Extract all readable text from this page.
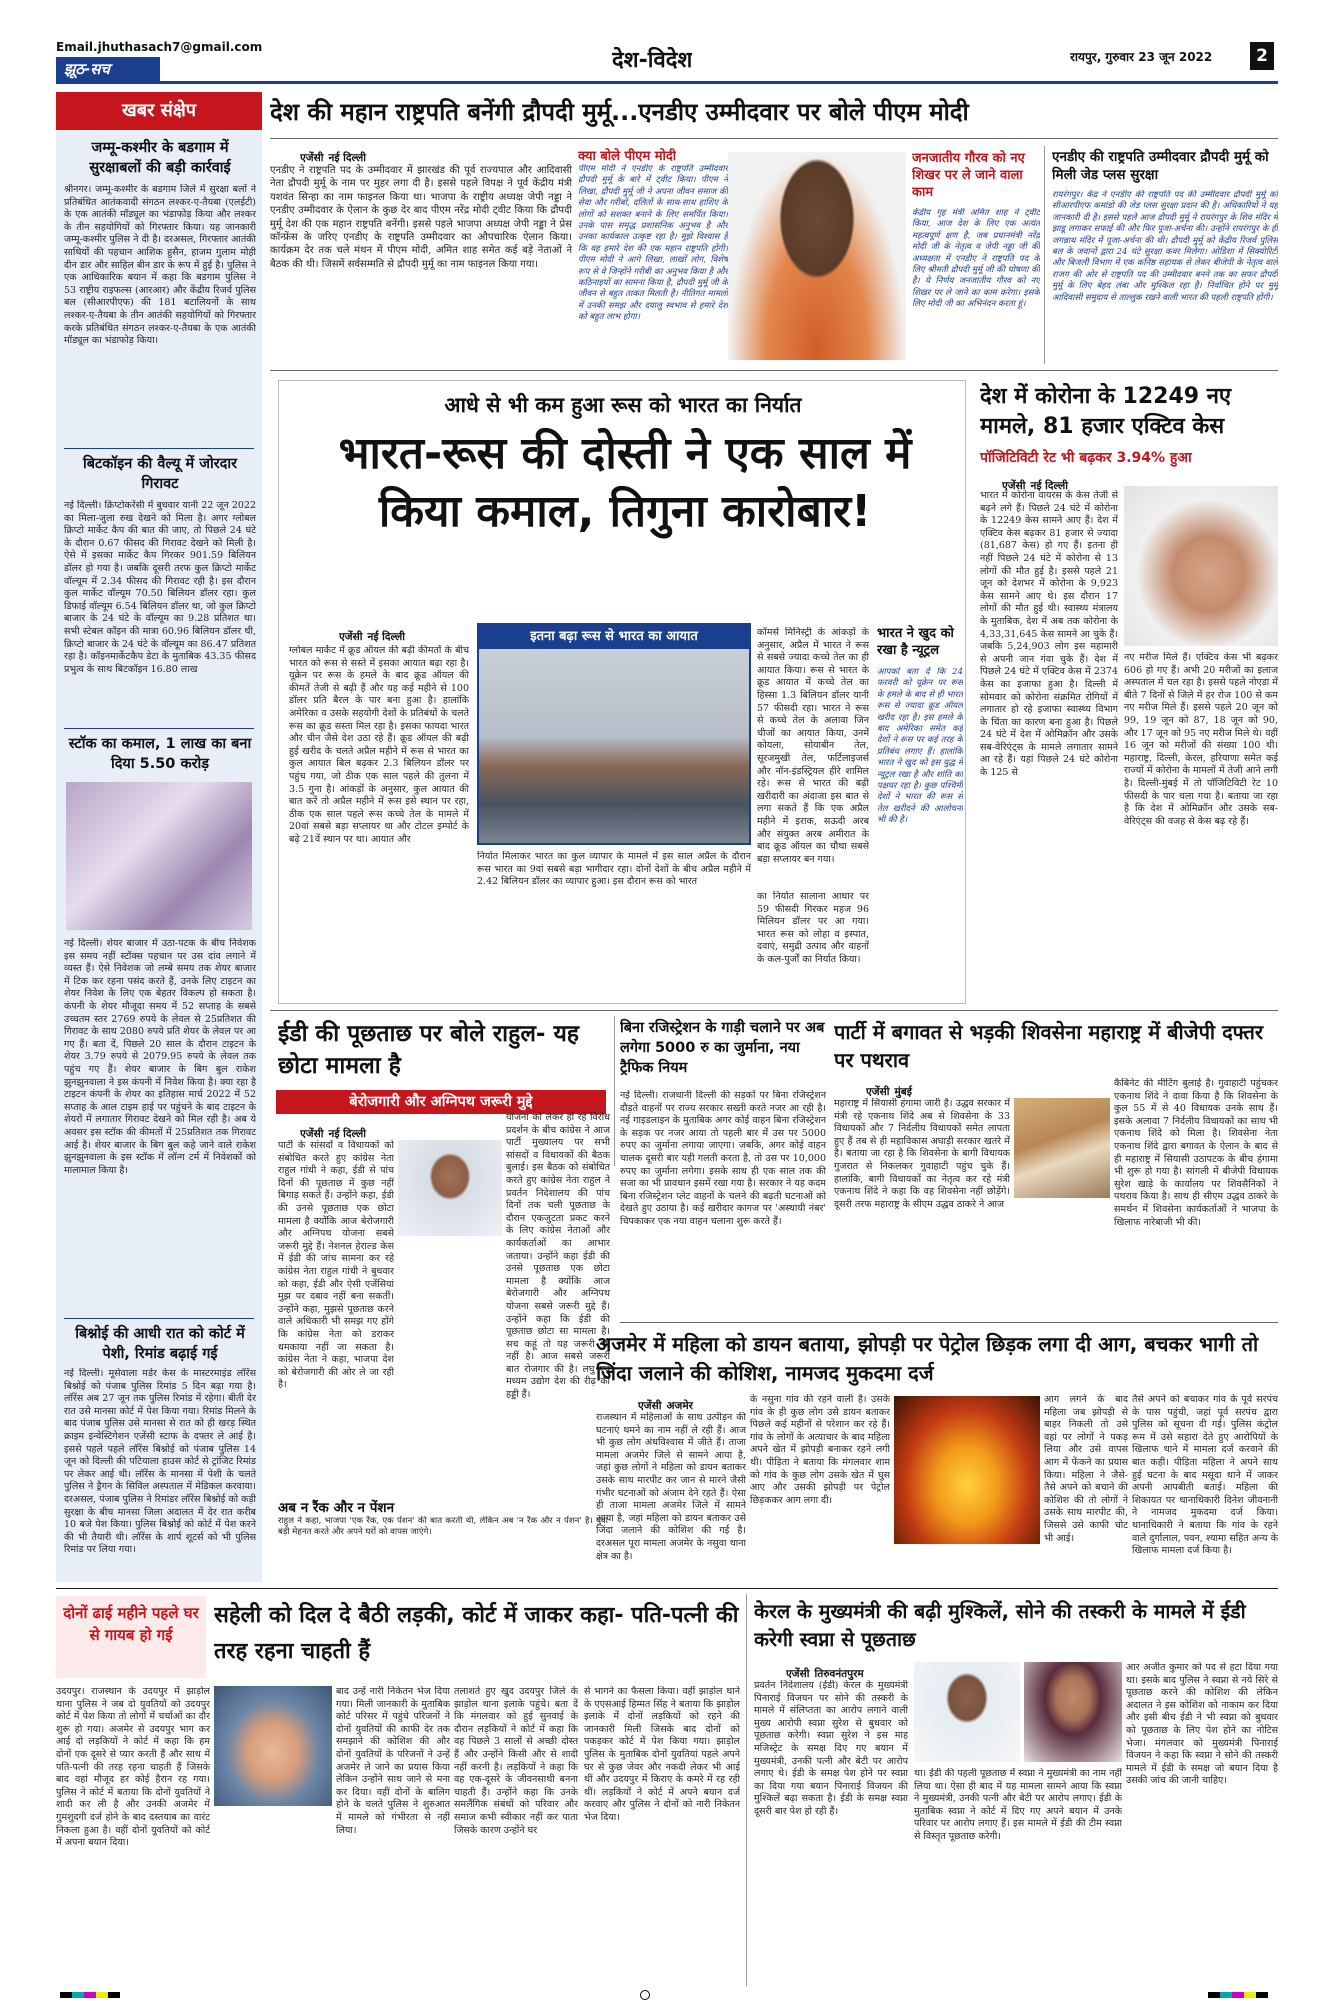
Email.jhuthasach7@gmail.com
झूठ-सच	देश-विदेश	रायपुर, गुरुवार 23 जून 2022	2
खबर संक्षेप
जम्मू-कश्मीर के बडगाम में सुरक्षाबलों की बड़ी कार्रवाई
श्रीनगर। जम्मू-कश्मीर के बडगाम जिले में सुरक्षा बलों ने प्रतिबंधित आतंकवादी संगठन लश्कर-ए-तैयबा (एलईटी) के एक आतंकी मॉड्यूल का भंडाफोड़ किया और लश्कर के तीन सहयोगियों को गिरफ्तार किया। यह जानकारी जम्मू-कश्मीर पुलिस ने दी है। दरअसल, गिरफ्तार आतंकी साथियों की पहचान आशिक हुसैन, हाजम गुलाम मोही दीन डार और साहिल बीन डार के रूप में हुई है। पुलिस ने एक आधिकारिक बयान में कहा कि बडगाम पुलिस ने 53 राष्ट्रीय राइफल्स (आरआर) और केंद्रीय रिजर्व पुलिस बल (सीआरपीएफ) की 181 बटालियनों के साथ लश्कर-ए-तैयबा के तीन आतंकी सहयोगियों को गिरफ्तार करके प्रतिबंधित संगठन लश्कर-ए-तैयबा के एक आतंकी मॉड्यूल का भंडाफोड़ किया।
बिटकॉइन की वैल्यू में जोरदार गिरावट
नई दिल्ली। क्रिप्टोकरेंसी में बुधवार यानी 22 जून 2022 का मिला-जुला रुख देखने को मिला है। अगर ग्लोबल क्रिप्टो मार्केट कैप की बात की जाए, तो पिछले 24 घंटे के दौरान 0.67 फीसद की गिरावट देखने को मिली है। ऐसे में इसका मार्केट कैप गिरकर 901.59 बिलियन डॉलर हो गया है। जबकि दूसरी तरफ कुल क्रिप्टो मार्केट वॉल्यूम में 2.34 फीसद की गिरावट रही है। इस दौरान कुल मार्केट वॉल्यूम 70.50 बिलियन डॉलर रहा। कुल डिफाई वॉल्यूम 6.54 बिलियन डॉलर था, जो कुल क्रिप्टो बाजार के 24 घंटे के वॉल्यूम का 9.28 प्रतिशत था। सभी स्टेबल कॉइन की मात्रा 60.96 बिलियन डॉलर थी, क्रिप्टो बाजार के 24 घंटे के वॉल्यूम का 86.47 प्रतिशत रहा है। कॉइनमार्केटकैप डेटा के मुताबिक 43.35 फीसद प्रभुत्व के साथ बिटकॉइन 16.80 लाख
स्टॉक का कमाल, 1 लाख का बना दिया 5.50 करोड़
नई दिल्ली। शेयर बाजार में उठा-पटक के बीच निवेशक इस समय नहीं स्टॉक्स पहचान पर उस दांव लगाने में व्यस्त हैं। ऐसे निवेशक जो लम्बे समय तक शेयर बाजार में टिक कर रहना पसंद करते हैं, उनके लिए टाइटन का शेयर निवेश के लिए एक बेहतर विकल्प हो सकता है। कंपनी के शेयर मौजूदा समय में 52 सप्ताह के सबसे उच्चतम स्तर 2769 रुपये के लेवल से 25प्रतिशत की गिरावट के साथ 2080 रुपये प्रति शेयर के लेवल पर आ गए हैं। बता दें, पिछले 20 साल के दौरान टाइटन के शेयर 3.79 रुपये से 2079.95 रुपये के लेवल तक पहुंच गए हैं। शेयर बाजार के बिग बुल राकेश झुनझुनवाला ने इस कंपनी में निवेश किया है। क्या रहा है टाइटन कंपनी के शेयर का इतिहास मार्च 2022 में 52 सप्ताह के आल टाइम हाई पर पहुंचने के बाद टाइटन के शेयरों में लगातार गिरावट देखने को मिल रही है। अब ये अवसर इस स्टॉक की कीमतों में 25प्रतिशत तक गिरावट आई है। शेयर बाजार के बिग बुल कहे जाने वाले राकेश झुनझुनवाला के इस स्टॉक में लॉन्ग टर्म में निवेशकों को मालामाल किया है।
बिश्नोई की आधी रात को कोर्ट में पेशी, रिमांड बढ़ाई गई
नई दिल्ली। मूसेवाला मर्डर केस के मास्टरमाइंड लॉरेंस बिश्नोई को पंजाब पुलिस रिमांड 5 दिन बढ़ा गया है। लॉरेंस अब 27 जून तक पुलिस रिमांड में रहेगा। बीती देर रात उसे मानसा कोर्ट में पेश किया गया। रिमांड मिलने के बाद पंजाब पुलिस उसे मानसा से रात को ही खरड़ स्थित क्राइम इन्वेस्टिगेशन एजेंसी स्टाफ के दफ्तर ले आई है। इससे पहले पहले लॉरेंस बिश्नोई को पंजाब पुलिस 14 जून को दिल्ली की पटियाला हाउस कोर्ट से ट्रांजिट रिमांड पर लेकर आई थी। लॉरेंस के मानसा में पेशी के चलते पुलिस ने ड्रैगन के सिविल अस्पताल में मेडिकल करवाया। दरअसल, पंजाब पुलिस ने रिमांडर लॉरेंस बिश्नोई को कड़ी सुरक्षा के बीच मानसा जिला अदालत में देर रात करीब 10 बजे पेश किया। पुलिस बिश्नोई को कोर्ट में पेश करने की भी तैयारी थी। लॉरेंस के शार्प शूटर्स को भी पुलिस रिमांड पर लिया गया।
देश की महान राष्ट्रपति बनेंगी द्रौपदी मुर्मू...एनडीए उम्मीदवार पर बोले पीएम मोदी
एजेंसी नई दिल्ली
एनडीए ने राष्ट्रपति पद के उम्मीदवार में झारखंड की पूर्व राज्यपाल और आदिवासी नेता द्रौपदी मुर्मू के नाम पर मुहर लगा दी है। इससे पहले विपक्ष ने पूर्व केंद्रीय मंत्री यशवंत सिन्हा का नाम फाइनल किया था। भाजपा के राष्ट्रीय अध्यक्ष जेपी नड्डा ने एनडीए उम्मीदवार के ऐलान के कुछ देर बाद पीएम नरेंद्र मोदी ट्वीट किया कि द्रौपदी मुर्मू देश की एक महान राष्ट्रपति बनेंगी। इससे पहले भाजपा अध्यक्ष जेपी नड्डा ने प्रेस कॉन्फ्रेंस के जरिए एनडीए के राष्ट्रपति उम्मीदवार का औपचारिक ऐलान किया। कार्यक्रम देर तक चले मंथन में पीएम मोदी, अमित शाह समेत कई बड़े नेताओं ने बैठक की थी। जिसमें सर्वसम्मति से द्रौपदी मुर्मू का नाम फाइनल किया गया।
क्या बोले पीएम मोदी
पीएम मोदी ने एनडीए के राष्ट्रपति उम्मीदवार द्रौपदी मुर्मू के बारे में ट्वीट किया। पीएम ने लिखा, द्रौपदी मुर्मू जी ने अपना जीवन समाज की सेवा और गरीबों, दलितों के साथ-साथ हाशिए के लोगों को सशक्त बनाने के लिए समर्पित किया। उनके पास समृद्ध प्रशासनिक अनुभव है और उनका कार्यकाल उत्कृष्ट रहा है। मुझे विश्वास है कि वह हमारे देश की एक महान राष्ट्रपति होंगी। पीएम मोदी ने आगे लिखा, लाखों लोग, विशेष रूप से वे जिन्होंने गरीबी का अनुभव किया है और कठिनाइयों का सामना किया है, द्रौपदी मुर्मू जी के जीवन से बहुत ताकत मिलती है। नीतिगत मामलों में उनकी समझ और दयालु स्वभाव से हमारे देश को बहुत लाभ होगा।
जनजातीय गौरव को नए शिखर पर ले जाने वाला काम
केंद्रीय गृह मंत्री अमित शाह ने ट्वीट किया, आज देश के लिए एक अत्यंत महत्वपूर्ण क्षण है, जब प्रधानमंत्री नरेंद्र मोदी जी के नेतृत्व व जेपी नड्डा जी की अध्यक्षता में एनडीए ने राष्ट्रपति पद के लिए श्रीमती द्रौपदी मुर्मू जी की घोषणा की है। ये निर्णय जनजातीय गौरव को नए शिखर पर ले जाने का काम करेगा। इसके लिए मोदी जी का अभिनंदन करता हूं।
एनडीए की राष्ट्रपति उम्मीदवार द्रौपदी मुर्मू को मिली जेड प्लस सुरक्षा
रायरंगपुर। केंद्र ने एनडीए की राष्ट्रपति पद की उम्मीदवार द्रौपदी मुर्मू को सीआरपीएफ कमांडो की जेड प्लस सुरक्षा प्रदान की है। अधिकारियों ने यह जानकारी दी है। इससे पहले आज द्रौपदी मुर्मू ने रायरंगपुर के शिव मंदिर में झाडू लगाकर सफाई की और फिर पूजा-अर्चना की। उन्होंने रायरंगपुर के ही जगन्नाथ मंदिर में पूजा-अर्चना की थी। द्रौपदी मुर्मू को केंद्रीय रिजर्व पुलिस बल के जवानों द्वारा 24 घंटे सुरक्षा कवर मिलेगा। ओडिशा में सिक्योरिटी और बिजली विभाग में एक कनिष्ठ सहायक से लेकर बीजेपी के नेतृत्व वाले राजग की ओर से राष्ट्रपति पद की उम्मीदवार बनने तक का सफर द्रौपदी मुर्मू के लिए बेहद लंबा और मुश्किल रहा है। निर्वाचित होने पर मुर्मू आदिवासी समुदाय से ताल्लुक रखने वाली भारत की पहली राष्ट्रपति होंगी।
आधे से भी कम हुआ रूस को भारत का निर्यात
भारत-रूस की दोस्ती ने एक साल में किया कमाल, तिगुना कारोबार!
एजेंसी नई दिल्ली
ग्लोबल मार्केट में क्रूड ऑयल की बढ़ी कीमतों के बीच भारत को रूस से सस्ते में इसका आयात बढ़ा रहा है। यूक्रेन पर रूस के हमले के बाद क्रूड ऑयल की कीमतें तेजी से बढ़ी हैं और यह कई महीने से 100 डॉलर प्रति बैरल के पार बना हुआ है। हालांकि अमेरिका व उसके सहयोगी देशों के प्रतिबंधों के चलते रूस का क्रूड सस्ता मिल रहा है। इसका फायदा भारत और चीन जैसे देश उठा रहे हैं। क्रूड ऑयल की बढ़ी हुई खरीद के चलते अप्रैल महीने में रूस से भारत का कुल आयात बिल बढ़कर 2.3 बिलियन डॉलर पर पहुंच गया, जो ठीक एक साल पहले की तुलना में 3.5 गुना है। आंकड़ों के अनुसार, कुल आयात की बात करें तो अप्रैल महीने में रूस इसे स्थान पर रहा, ठीक एक साल पहले रूस कच्चे तेल के मामले में 20वां सबसे बड़ा सप्लायर था और टोटल इम्पोर्ट के बढ़े 21वें स्थान पर था। आयात और
इतना बढ़ा रूस से भारत का आयात	कॉमर्स मिनिस्ट्री के आंकड़ों के अनुसार, अप्रैल में भारत ने रूस से सबसे ज्यादा कच्चे तेल का ही आयात किया। रूस से भारत के क्रूड आयात में कच्चे तेल का हिस्सा 1.3 बिलियन डॉलर यानी 57 फीसदी रहा। भारत ने रूस से कच्चे तेल के अलावा जिन चीजों का आयात किया, उनमें कोयला, सोयाबीन तेल, सूरजमुखी तेल, फर्टिलाइजर्स और नॉन-इंडस्ट्रियल हीरे शामिल रहे। रूस से भारत की बढ़ी खरीदारी का अंदाजा इस बात से लगा सकते हैं कि एक अप्रैल महीने में इराक, सऊदी अरब और संयुक्त अरब अमीरात के बाद क्रूड ऑयल का चौथा सबसे बड़ा सप्लायर बन गया।
भारत ने खुद को रखा है न्यूट्रल
आपको बता दें कि 24 फरवरी को यूक्रेन पर रूस के हमले के बाद से ही भारत रूस से ज्यादा क्रूड ऑयल खरीद रहा है। इस हमले के बाद अमेरिका समेत कई देशों ने रूस पर कई तरह के प्रतिबंध लगाए हैं। हालांकि भारत ने खुद को इस युद्ध में न्यूट्रल रखा है और शांति का पक्षधर रहा है। कुछ पश्चिमी देशों ने भारत की रूस से तेल खरीदने की आलोचना भी की है।
निर्यात मिलाकर भारत का कुल व्यापार के मामले में इस साल अप्रैल के दौरान रूस भारत का 9वां सबसे बड़ा भागीदार रहा। दोनों देशों के बीच अप्रैल महीने में 2.42 बिलियन डॉलर का व्यापार हुआ। इस दौरान रूस को भारत
का निर्यात सालाना आधार पर 59 फीसदी गिरकर महज 96 मिलियन डॉलर पर आ गया। भारत रूस को लोहा व इस्पात, दवाएं, समुद्री उत्पाद और वाहनों के कल-पुर्जों का निर्यात किया।
देश में कोरोना के 12249 नए मामले, 81 हजार एक्टिव केस
पॉजिटिविटी रेट भी बढ़कर 3.94% हुआ
एजेंसी नई दिल्ली
भारत में कोरोना वायरस के केस तेजी से बढ़ने लगे हैं। पिछले 24 घंटे में कोरोना के 12249 केस सामने आए हैं। देश में एक्टिव केस बढ़कर 81 हजार से ज्यादा (81,687 केस) हो गए हैं। इतना ही नहीं पिछले 24 घंटे में कोरोना से 13 लोगों की मौत हुई है। इससे पहले 21 जून को देशभर में कोरोना के 9,923 केस सामने आए थे। इस दौरान 17 लोगों की मौत हुई थी। स्वास्थ्य मंत्रालय के मुताबिक, देश में अब तक कोरोना के 4,33,31,645 केस सामने आ चुके हैं। जबकि 5,24,903 लोग इस महामारी से अपनी जान गंवा चुके हैं। देश में पिछले 24 घंटे में एक्टिव केस में 2374 केस का इजाफा हुआ है। दिल्ली में सोमवार को कोरोना संक्रमित रोगियों में लगातार हो रहे इजाफा स्वास्थ्य विभाग के चिंता का कारण बना हुआ है। पिछले 24 घंटे में देश में ओमिक्रॉन और उसके सब-वेरिएंट्स के मामले लगातार सामने आ रहे हैं। यहां पिछले 24 घंटे कोरोना के 125 से
नए मरीज मिले हैं। एक्टिव केस भी बढ़कर 606 हो गए हैं। अभी 20 मरीजों का इलाज अस्पताल में चल रहा है। इससे पहले नोएडा में बीते 7 दिनों से जिले में हर रोज 100 से कम नए मरीज मिले हैं। इससे पहले 20 जून को 99, 19 जून को 87, 18 जून को 90, और 17 जून को 95 नए मरीज मिले थे। वहीं 16 जून को मरीजों की संख्या 100 थी। महाराष्ट्र, दिल्ली, केरल, हरियाणा समेत कई राज्यों में कोरोना के मामलों में तेजी आने लगी है। दिल्ली-मुंबई में तो पॉजिटिविटी रेट 10 फीसदी के पार चला गया है। बताया जा रहा है कि देश में ओमिक्रॉन और उसके सब-वेरिएंट्स की वजह से केस बढ़ रहे हैं।
ईडी की पूछताछ पर बोले राहुल- यह छोटा मामला है
बेरोजगारी और अग्निपथ जरूरी मुद्दे
एजेंसी नई दिल्ली
पार्टी के सांसदों व विधायकों को संबोधित करते हुए कांग्रेस नेता राहुल गांधी ने कहा, ईडी से पांच दिनों की पूछताछ में कुछ नहीं बिगाड़ सकते हैं। उन्होंने कहा, ईडी की उनसे पूछताछ एक छोटा मामला है क्योंकि आज बेरोजगारी और अग्निपथ योजना सबसे जरूरी मुद्दे हैं। नेशनल हेराल्ड केस में ईडी की जांच सामना कर रहे कांग्रेस नेता राहुल गांधी ने बुधवार को कहा, ईडी और ऐसी एजेंसियां मुझ पर दबाव नहीं बना सकतीं। उन्होंने कहा, मुझसे पूछताछ करने वाले अधिकारी भी समझ गए होंगे कि कांग्रेस नेता को डराकर धमकाया नहीं जा सकता है। कांग्रेस नेता ने कहा, भाजपा देश को बेरोजगारी की ओर ले जा रही है।
योजना को लेकर हो रहे विरोध प्रदर्शन के बीच कांग्रेस ने आज पार्टी मुख्यालय पर सभी सांसदों व विधायकों की बैठक बुलाई। इस बैठक को संबोधित करते हुए कांग्रेस नेता राहुल ने प्रवर्तन निदेशालय की पांच दिनों तक चली पूछताछ के दौरान एकजुटता प्रकट करने के लिए कांग्रेस नेताओं और कार्यकर्ताओं का आभार जताया। उन्होंने कहा ईडी की उनसे पूछताछ एक छोटा मामला है क्योंकि आज बेरोजगारी और अग्निपथ योजना सबसे जरूरी मुद्दे हैं। उन्होंने कहा कि ईडी की पूछताछ छोटा सा मामला है। सच कहूं तो यह जरूरी भी नहीं है। आज सबसे जरूरी बात रोजगार की है। लघु एवं मध्यम उद्योग देश की रीढ़ की हड्डी हैं।
अब न रैंक और न पेंशन
राहुल ने कहा, भाजपा 'एक रैंक, एक पेंशन' की बात करती थी, लेकिन अब 'न रैंक और न पेंशन' है। युवा बड़ी मेहनत करते और अपने घरों को वापस जाएंगे।
बिना रजिस्ट्रेशन के गाड़ी चलाने पर अब लगेगा 5000 रु का जुर्माना, नया ट्रैफिक नियम
नई दिल्ली। राजधानी दिल्ली की सड़कों पर बिना रजिस्ट्रेशन दौड़ते वाहनों पर राज्य सरकार सख्ती करते नजर आ रही है। नई गाइडलाइन के मुताबिक अगर कोई वाहन बिना रजिस्ट्रेशन के सड़क पर नजर आया तो पहली बार में उस पर 5000 रुपए का जुर्माना लगाया जाएगा। जबकि, अगर कोई वाहन चालक दूसरी बार यही गलती करता है, तो उस पर 10,000 रुपए का जुर्माना लगेगा। इसके साथ ही एक साल तक की सजा का भी प्रावधान इसमें रखा गया है। सरकार ने यह कदम बिना रजिस्ट्रेशन प्लेट वाहनों के चलने की बढ़ती घटनाओं को देखते हुए उठाया है। कई खरीदार कागज पर 'अस्थायी नंबर' चिपकाकर एक नया वाहन चलाना शुरू करते हैं।
पार्टी में बगावत से भड़की शिवसेना महाराष्ट्र में बीजेपी दफ्तर पर पथराव
एजेंसी मुंबई
महाराष्ट्र में सियासी हंगामा जारी है। उद्धव सरकार में मंत्री रहे एकनाथ शिंदे अब से शिवसेना के 33 विधायकों और 7 निर्दलीय विधायकों समेत लापता हुए हैं तब से ही महाविकास अघाड़ी सरकार खतरे में है। बताया जा रहा है कि शिवसेना के बागी विधायक गुजरात से निकलकर गुवाहाटी पहुंच चुके हैं। हालांकि, बागी विधायकों का नेतृत्व कर रहे मंत्री एकनाथ शिंदे ने कहा कि वह शिवसेना नहीं छोड़ेंगे। दूसरी तरफ महाराष्ट्र के सीएम उद्धव ठाकरे ने आज
कैबिनेट की मीटिंग बुलाई है। गुवाहाटी पहुंचकर एकनाथ शिंदे ने दावा किया है कि शिवसेना के कुल 55 में से 40 विधायक उनके साथ हैं। इसके अलावा 7 निर्दलीय विधायकों का साथ भी एकनाथ शिंदे को मिला है। शिवसेना नेता एकनाथ शिंदे द्वारा बगावत के ऐलान के बाद से ही महाराष्ट्र में सियासी उठापटक के बीच हंगामा भी शुरू हो गया है। सांगली में बीजेपी विधायक सुरेश खाड़े के कार्यालय पर शिवसैनिकों ने पथराव किया है। साथ ही सीएम उद्धव ठाकरे के समर्थन में शिवसेना कार्यकर्ताओं ने भाजपा के खिलाफ नारेबाजी भी की।
अजमेर में महिला को डायन बताया, झोपड़ी पर पेट्रोल छिड़क लगा दी आग, बचकर भागी तो जिंदा जलाने की कोशिश, नामजद मुकदमा दर्ज
एजेंसी अजमेर
राजस्थान में महिलाओं के साथ उत्पीड़न की घटनाएं थमने का नाम नहीं ले रही हैं। आज भी कुछ लोग अंधविश्वास में जीते हैं। ताजा मामला अजमेर जिले से सामने आया है, जहां कुछ लोगों ने महिला को डायन बताकर उसके साथ मारपीट कर जान से मारने जैसी गंभीर घटनाओं को अंजाम देने रहते हैं। ऐसा ही ताजा मामला अजमेर जिले में सामने आया है, जहां महिला को डायन बताकर उसे जिंदा जलाने की कोशिश की गई है। दरअसल पूरा मामला अजमेर के नसुवा थाना क्षेत्र का है।
के नसुना गांव की रहने वाली है। उसके गांव के ही कुछ लोग उसे डायन बताकर पिछले कई महीनों से परेशान कर रहे हैं। गांव के लोगों के अत्याचार के बाद महिला अपने खेत में झोपड़ी बनाकर रहने लगी थी। पीड़िता ने बताया कि मंगलवार शाम को गांव के कुछ लोग उसके खेत में घुस आए और उसकी झोपड़ी पर पेट्रोल छिड़ककर आग लगा दी।
तैसे अपने को बचाकर गांव के पूर्व सरपंच के पास पहुंची, जहां पूर्व सरपंच द्वारा पुलिस को सूचना दी गई। पुलिस कंट्रोल रूम में उसे सहारा देते हुए आरोपियों के खिलाफ थाने में मामला दर्ज करवाने की बात कही। पीड़िता महिला ने अपने साथ हुई घटना के बाद मसूदा थाने में जाकर अपनी आपबीती बताई। महिला की शिकायत पर थानाधिकारी दिनेश जीवनानी ने नामजद मुकदमा दर्ज किया। थानाधिकारी ने बताया कि गांव के रहने वाले दुर्गालाल, पवन, श्यामा सहित अन्य के खिलाफ मामला दर्ज किया है।
आग लगने के बाद महिला जब झोपड़ी से बाहर निकली तो उसे वहां पर लोगों ने पकड़ लिया और उसे वापस आग में फेंकने का प्रयास किया। महिला ने जैसे-तैसे अपने को बचाने की कोशिश की तो लोगों ने उसके साथ मारपीट की, जिससे उसे काफी चोट भी आई।
दोनों ढाई महीने पहले घर से गायब हो गई
सहेली को दिल दे बैठी लड़की, कोर्ट में जाकर कहा- पति-पत्नी की तरह रहना चाहती हैं
उदयपुर। राजस्थान के उदयपुर में झाड़ोल थाना पुलिस ने जब दो युवतियों को उदयपुर कोर्ट में पेश किया तो लोगों में चर्चाओं का दौर शुरू हो गया। अजमेर से उदयपुर भाग कर आई दो लड़कियों ने कोर्ट में कहा कि हम दोनों एक दूसरे से प्यार करती हैं और साथ में पति-पत्नी की तरह रहना चाहती हैं जिसके बाद वहां मौजूद हर कोई हैरान रह गया। पुलिस ने कोर्ट में बताया कि दोनों युवतियों ने शादी कर ली है और उनकी अजमेर में गुमशुदगी दर्ज होने के बाद दस्तयाब का वारंट निकला हुआ है। वहीं दोनों युवतियों को कोर्ट में अपना बयान दिया।
बाद उन्हें नारी निकेतन भेज दिया गया। मिली जानकारी के मुताबिक कोर्ट परिसर में पहुंचे परिजनों ने दोनों युवतियों की काफी देर तक समझाने की कोशिश की और दोनों युवतियों के परिजनों ने उन्हें अजमेर ले जाने का प्रयास किया लेकिन उन्होंने साथ जाने से मना कर दिया। वहीं दोनों के बालिग होने के चलते पुलिस ने शुरुआत में मामले को गंभीरता से नहीं लिया।
तलाशते हुए खुद उदयपुर जिले के झाड़ोल थाना इलाके पहुंचे। बता दें कि मंगलवार को हुई सुनवाई के दौरान लड़कियों ने कोर्ट में कहा कि वह पिछले 3 सालों से अच्छी दोस्त हैं और उन्होंने किसी और से शादी नहीं करनी है। लड़कियों ने कहा कि वह एक-दूसरे के जीवनसाथी बनना चाहती हैं। उन्होंने कहा कि उनके समलैंगिक संबंधों को परिवार और समाज कभी स्वीकार नहीं कर पाता जिसके कारण उन्होंने घर
से भागने का फैसला किया। वहीं झाड़ोल थाने के एएसआई हिम्मत सिंह ने बताया कि झाड़ोल इलाके में दोनों लड़कियों को रहने की जानकारी मिली जिसके बाद दोनों को पकड़कर कोर्ट में पेश किया गया। झाड़ोल पुलिस के मुताबिक दोनों युवतियां पहले अपने घर से कुछ जेवर और नकदी लेकर भी आई थीं और उदयपुर में किराए के कमरे में रह रही थीं। लड़कियों ने कोर्ट में अपने बयान दर्ज करवाए और पुलिस ने दोनों को नारी निकेतन भेज दिया।
केरल के मुख्यमंत्री की बढ़ी मुश्किलें, सोने की तस्करी के मामले में ईडी करेगी स्वप्ना से पूछताछ
एजेंसी तिरुवनंतपुरम
प्रवर्तन निदेशालय (ईडी) केरल के मुख्यमंत्री पिनाराई विजयन पर सोने की तस्करी के मामले में संलिप्तता का आरोप लगाने वाली मुख्य आरोपी स्वप्ना सुरेश से बुधवार को पूछताछ करेगी। स्वप्ना सुरेश ने इस माह मजिस्ट्रेट के समक्ष दिए गए बयान में मुख्यमंत्री, उनकी पत्नी और बेटी पर आरोप लगाए थे। ईडी के समक्ष पेश होने पर स्वप्ना का दिया गया बयान पिनाराई विजयन की मुश्किलें बढ़ा सकता है। ईडी के समक्ष स्वप्ना दूसरी बार पेश हो रही हैं।
था। ईडी की पहली पूछताछ में स्वप्ना ने मुख्यमंत्री का नाम नहीं लिया था। ऐसा ही बाद में यह मामला सामने आया कि स्वप्ना ने मुख्यमंत्री, उनकी पत्नी और बेटी पर आरोप लगाए। ईडी के मुताबिक स्वप्ना ने कोर्ट में दिए गए अपने बयान में उनके परिवार पर आरोप लगाए हैं। इस मामले में ईडी की टीम स्वप्ना से विस्तृत पूछताछ करेगी।
आर अजीत कुमार को पद से हटा दिया गया था। इसके बाद पुलिस ने स्वप्ना से नये सिरे से पूछताछ करने की कोशिश की लेकिन अदालत ने इस कोशिश को नाकाम कर दिया और इसी बीच ईडी ने भी स्वप्ना को बुधवार को पूछताछ के लिए पेश होने का नोटिस भेजा। मंगलवार को मुख्यमंत्री पिनाराई विजयन ने कहा कि स्वप्ना ने सोने की तस्करी मामले में ईडी के समक्ष जो बयान दिया है उसकी जांच की जानी चाहिए।
